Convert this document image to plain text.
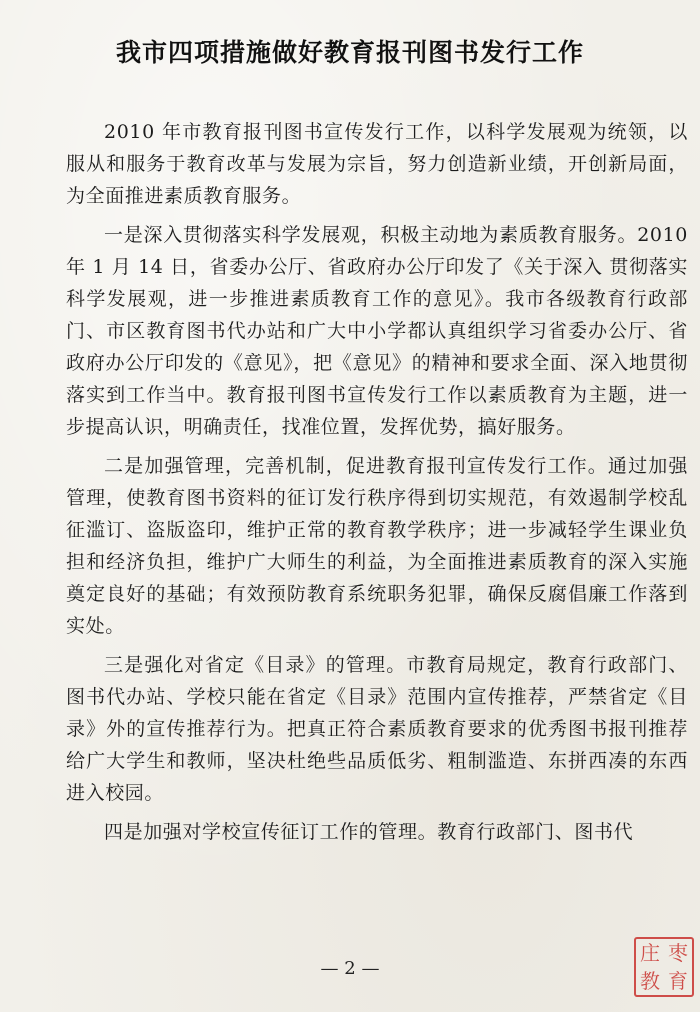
我市四项措施做好教育报刊图书发行工作

2010 年市教育报刊图书宣传发行工作，以科学发展观为统领，以服从和服务于教育改革与发展为宗旨，努力创造新业绩，开创新局面，为全面推进素质教育服务。

一是深入贯彻落实科学发展观，积极主动地为素质教育服务。2010 年 1 月 14 日，省委办公厅、省政府办公厅印发了《关于深入 贯彻落实科学发展观，进一步推进素质教育工作的意见》。我市各级教育行政部门、市区教育图书代办站和广大中小学都认真组织学习省委办公厅、省政府办公厅印发的《意见》，把《意见》的精神和要求全面、深入地贯彻落实到工作当中。教育报刊图书宣传发行工作以素质教育为主题，进一步提高认识，明确责任，找准位置，发挥优势，搞好服务。

二是加强管理，完善机制，促进教育报刊宣传发行工作。通过加强管理，使教育图书资料的征订发行秩序得到切实规范，有效遏制学校乱征滥订、盗版盗印，维护正常的教育教学秩序；进一步减轻学生课业负担和经济负担，维护广大师生的利益，为全面推进素质教育的深入实施奠定良好的基础；有效预防教育系统职务犯罪，确保反腐倡廉工作落到实处。

三是强化对省定《目录》的管理。市教育局规定，教育行政部门、图书代办站、学校只能在省定《目录》范围内宣传推荐，严禁省定《目录》外的宣传推荐行为。把真正符合素质教育要求的优秀图书报刊推荐给广大学生和教师，坚决杜绝些品质低劣、粗制滥造、东拼西凑的东西进入校园。

四是加强对学校宣传征订工作的管理。教育行政部门、图书代

— 2 —
庄 枣
教 育
